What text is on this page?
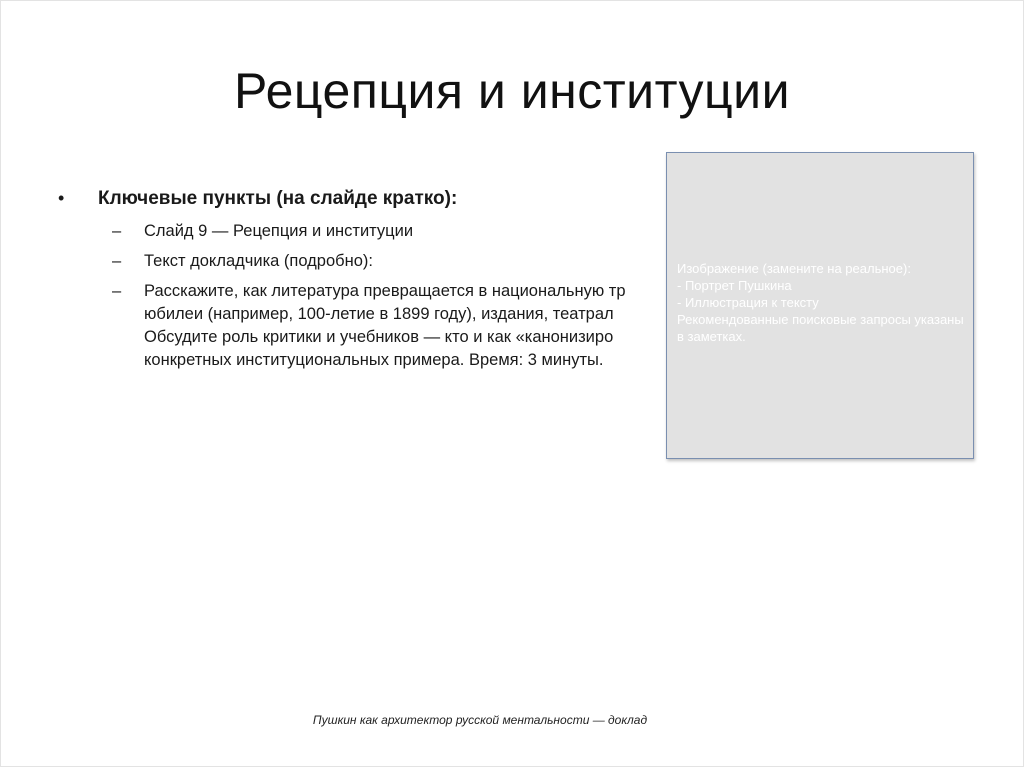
Рецепция и институции
•	Ключевые пункты (на слайде кратко):
–	Слайд 9 — Рецепция и институции
–	Текст докладчика (подробно):
–	Расскажите, как литература превращается в национальную тр
юбилеи (например, 100-летие в 1899 году), издания, театрал
Обсудите роль критики и учебников — кто и как «канонизиро
конкретных институциональных примера. Время: 3 минуты.
Изображение (замените на реальное):
- Портрет Пушкина
- Иллюстрация к тексту
Рекомендованные поисковые запросы указаны в заметках.
Пушкин как архитектор русской ментальности — доклад
